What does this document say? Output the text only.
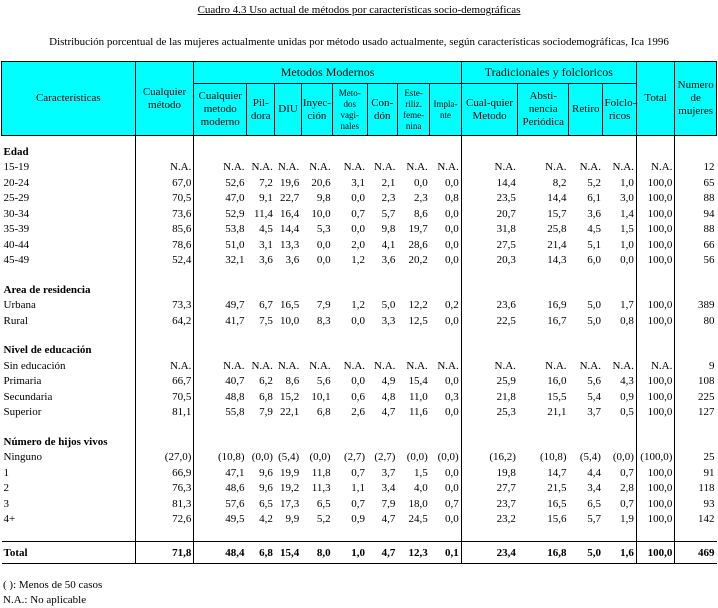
Cuadro 4.3 Uso actual de métodos por características socio-demográficas
Distribución porcentual de las mujeres actualmente unidas por método usado actualmente, según características sociodemográficas, Ica 1996
Características	Cualquier método	Metodos Modernos								Tradicionales y folcloricos				Total	Numero de mujeres
		Cualquier metodo moderno	Pil-dora	DIU	Inyec-ción	Meto-dos vagi-nales	Con-dón	Este-riliz. feme-nina	Impla-nte	Cual-quier Metodo	Absti-nencia Periódica	Retiro	Folclo-ricos		

Edad															
15-19	N.A.	N.A.	N.A.	N.A.	N.A.	N.A.	N.A.	N.A.	N.A.	N.A.	N.A.	N.A.	N.A.	N.A.	12
20-24	67,0	52,6	7,2	19,6	20,6	3,1	2,1	0,0	0,0	14,4	8,2	5,2	1,0	100,0	65
25-29	70,5	47,0	9,1	22,7	9,8	0,0	2,3	2,3	0,8	23,5	14,4	6,1	3,0	100,0	88
30-34	73,6	52,9	11,4	16,4	10,0	0,7	5,7	8,6	0,0	20,7	15,7	3,6	1,4	100,0	94
35-39	85,6	53,8	4,5	14,4	5,3	0,0	9,8	19,7	0,0	31,8	25,8	4,5	1,5	100,0	88
40-44	78,6	51,0	3,1	13,3	0,0	2,0	4,1	28,6	0,0	27,5	21,4	5,1	1,0	100,0	66
45-49	52,4	32,1	3,6	3,6	0,0	1,2	3,6	20,2	0,0	20,3	14,3	6,0	0,0	100,0	56

Area de residencia															
Urbana	73,3	49,7	6,7	16,5	7,9	1,2	5,0	12,2	0,2	23,6	16,9	5,0	1,7	100,0	389
Rural	64,2	41,7	7,5	10,0	8,3	0,0	3,3	12,5	0,0	22,5	16,7	5,0	0,8	100,0	80

Nivel de educación															
Sin educación	N.A.	N.A.	N.A.	N.A.	N.A.	N.A.	N.A.	N.A.	N.A.	N.A.	N.A.	N.A.	N.A.	N.A.	9
Primaria	66,7	40,7	6,2	8,6	5,6	0,0	4,9	15,4	0,0	25,9	16,0	5,6	4,3	100,0	108
Secundaria	70,5	48,8	6,8	15,2	10,1	0,6	4,8	11,0	0,3	21,8	15,5	5,4	0,9	100,0	225
Superior	81,1	55,8	7,9	22,1	6,8	2,6	4,7	11,6	0,0	25,3	21,1	3,7	0,5	100,0	127

Número de hijos vivos															
Ninguno	(27,0)	(10,8)	(0,0)	(5,4)	(0,0)	(2,7)	(2,7)	(0,0)	(0,0)	(16,2)	(10,8)	(5,4)	(0,0)	(100,0)	25
1	66,9	47,1	9,6	19,9	11,8	0,7	3,7	1,5	0,0	19,8	14,7	4,4	0,7	100,0	91
2	76,3	48,6	9,6	19,2	11,3	1,1	3,4	4,0	0,0	27,7	21,5	3,4	2,8	100,0	118
3	81,3	57,6	6,5	17,3	6,5	0,7	7,9	18,0	0,7	23,7	16,5	6,5	0,7	100,0	93
4+	72,6	49,5	4,2	9,9	5,2	0,9	4,7	24,5	0,0	23,2	15,6	5,7	1,9	100,0	142

Total	71,8	48,4	6,8	15,4	8,0	1,0	4,7	12,3	0,1	23,4	16,8	5,0	1,6	100,0	469
( ): Menos de 50 casos
N.A.: No aplicable
